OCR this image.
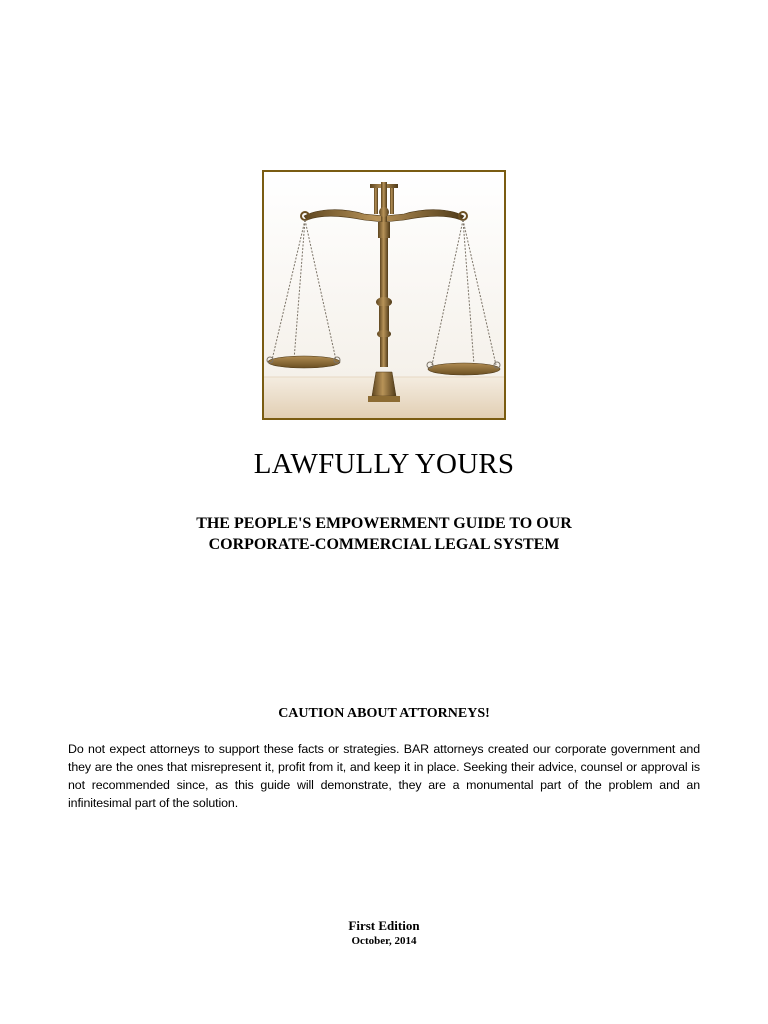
LAWFULLY YOURS
THE PEOPLE'S EMPOWERMENT GUIDE TO OUR
CORPORATE-COMMERCIAL LEGAL SYSTEM
CAUTION ABOUT ATTORNEYS!

Do not expect attorneys to support these facts or strategies. BAR attorneys created our corporate government and they are the ones that misrepresent it, profit from it, and keep it in place. Seeking their advice, counsel or approval is not recommended since, as this guide will demonstrate, they are a monumental part of the problem and an infinitesimal part of the solution.

First Edition

October, 2014
